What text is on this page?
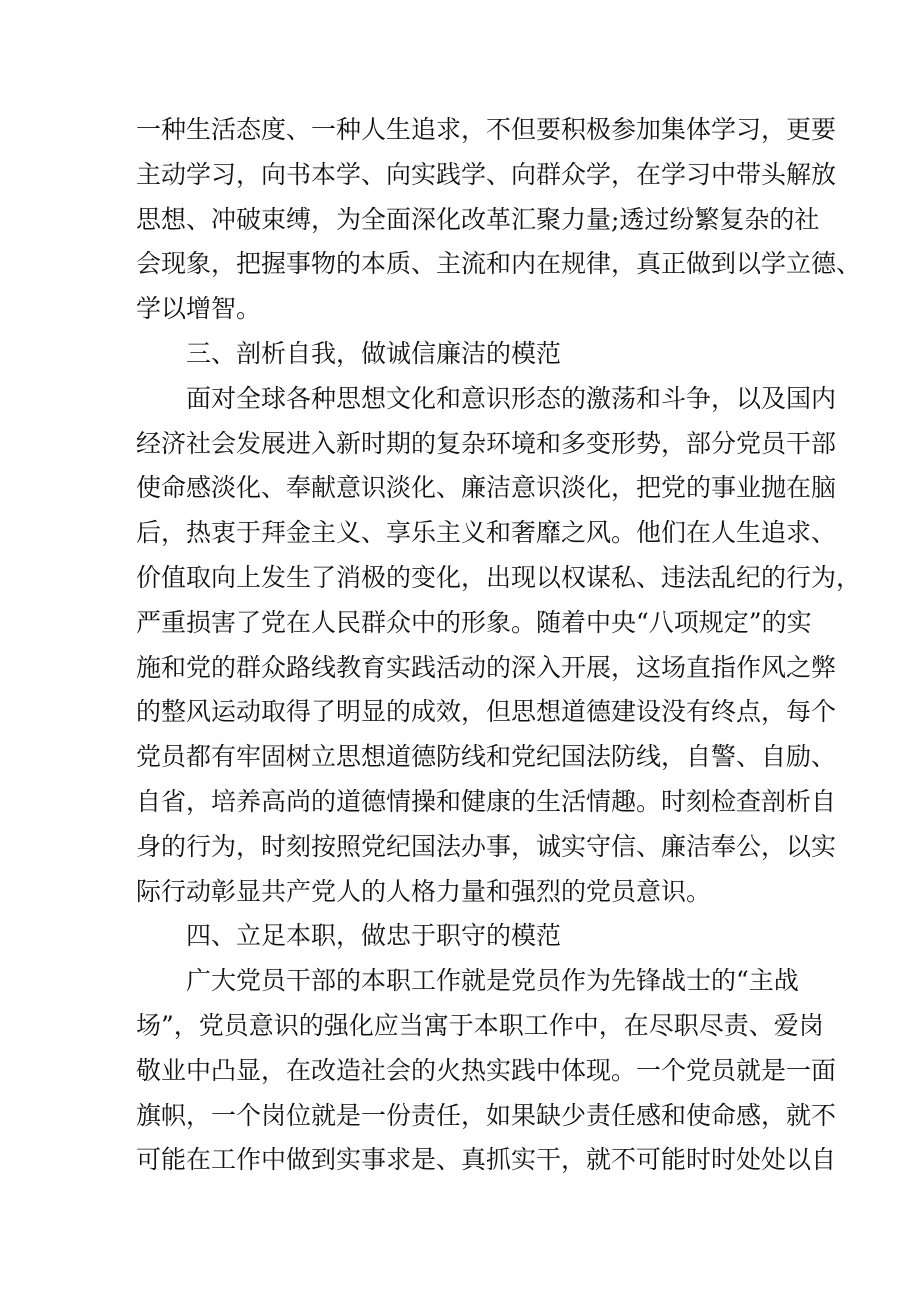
一种生活态度、一种人生追求，不但要积极参加集体学习，更要
主动学习，向书本学、向实践学、向群众学，在学习中带头解放
思想、冲破束缚，为全面深化改革汇聚力量;透过纷繁复杂的社
会现象，把握事物的本质、主流和内在规律，真正做到以学立德、
学以增智。
三、剖析自我，做诚信廉洁的模范
面对全球各种思想文化和意识形态的激荡和斗争，以及国内
经济社会发展进入新时期的复杂环境和多变形势，部分党员干部
使命感淡化、奉献意识淡化、廉洁意识淡化，把党的事业抛在脑
后，热衷于拜金主义、享乐主义和奢靡之风。他们在人生追求、
价值取向上发生了消极的变化，出现以权谋私、违法乱纪的行为，
严重损害了党在人民群众中的形象。随着中央“八项规定”的实
施和党的群众路线教育实践活动的深入开展，这场直指作风之弊
的整风运动取得了明显的成效，但思想道德建设没有终点，每个
党员都有牢固树立思想道德防线和党纪国法防线，自警、自励、
自省，培养高尚的道德情操和健康的生活情趣。时刻检查剖析自
身的行为，时刻按照党纪国法办事，诚实守信、廉洁奉公，以实
际行动彰显共产党人的人格力量和强烈的党员意识。
四、立足本职，做忠于职守的模范
广大党员干部的本职工作就是党员作为先锋战士的“主战
场”，党员意识的强化应当寓于本职工作中，在尽职尽责、爱岗
敬业中凸显，在改造社会的火热实践中体现。一个党员就是一面
旗帜，一个岗位就是一份责任，如果缺少责任感和使命感，就不
可能在工作中做到实事求是、真抓实干，就不可能时时处处以自
